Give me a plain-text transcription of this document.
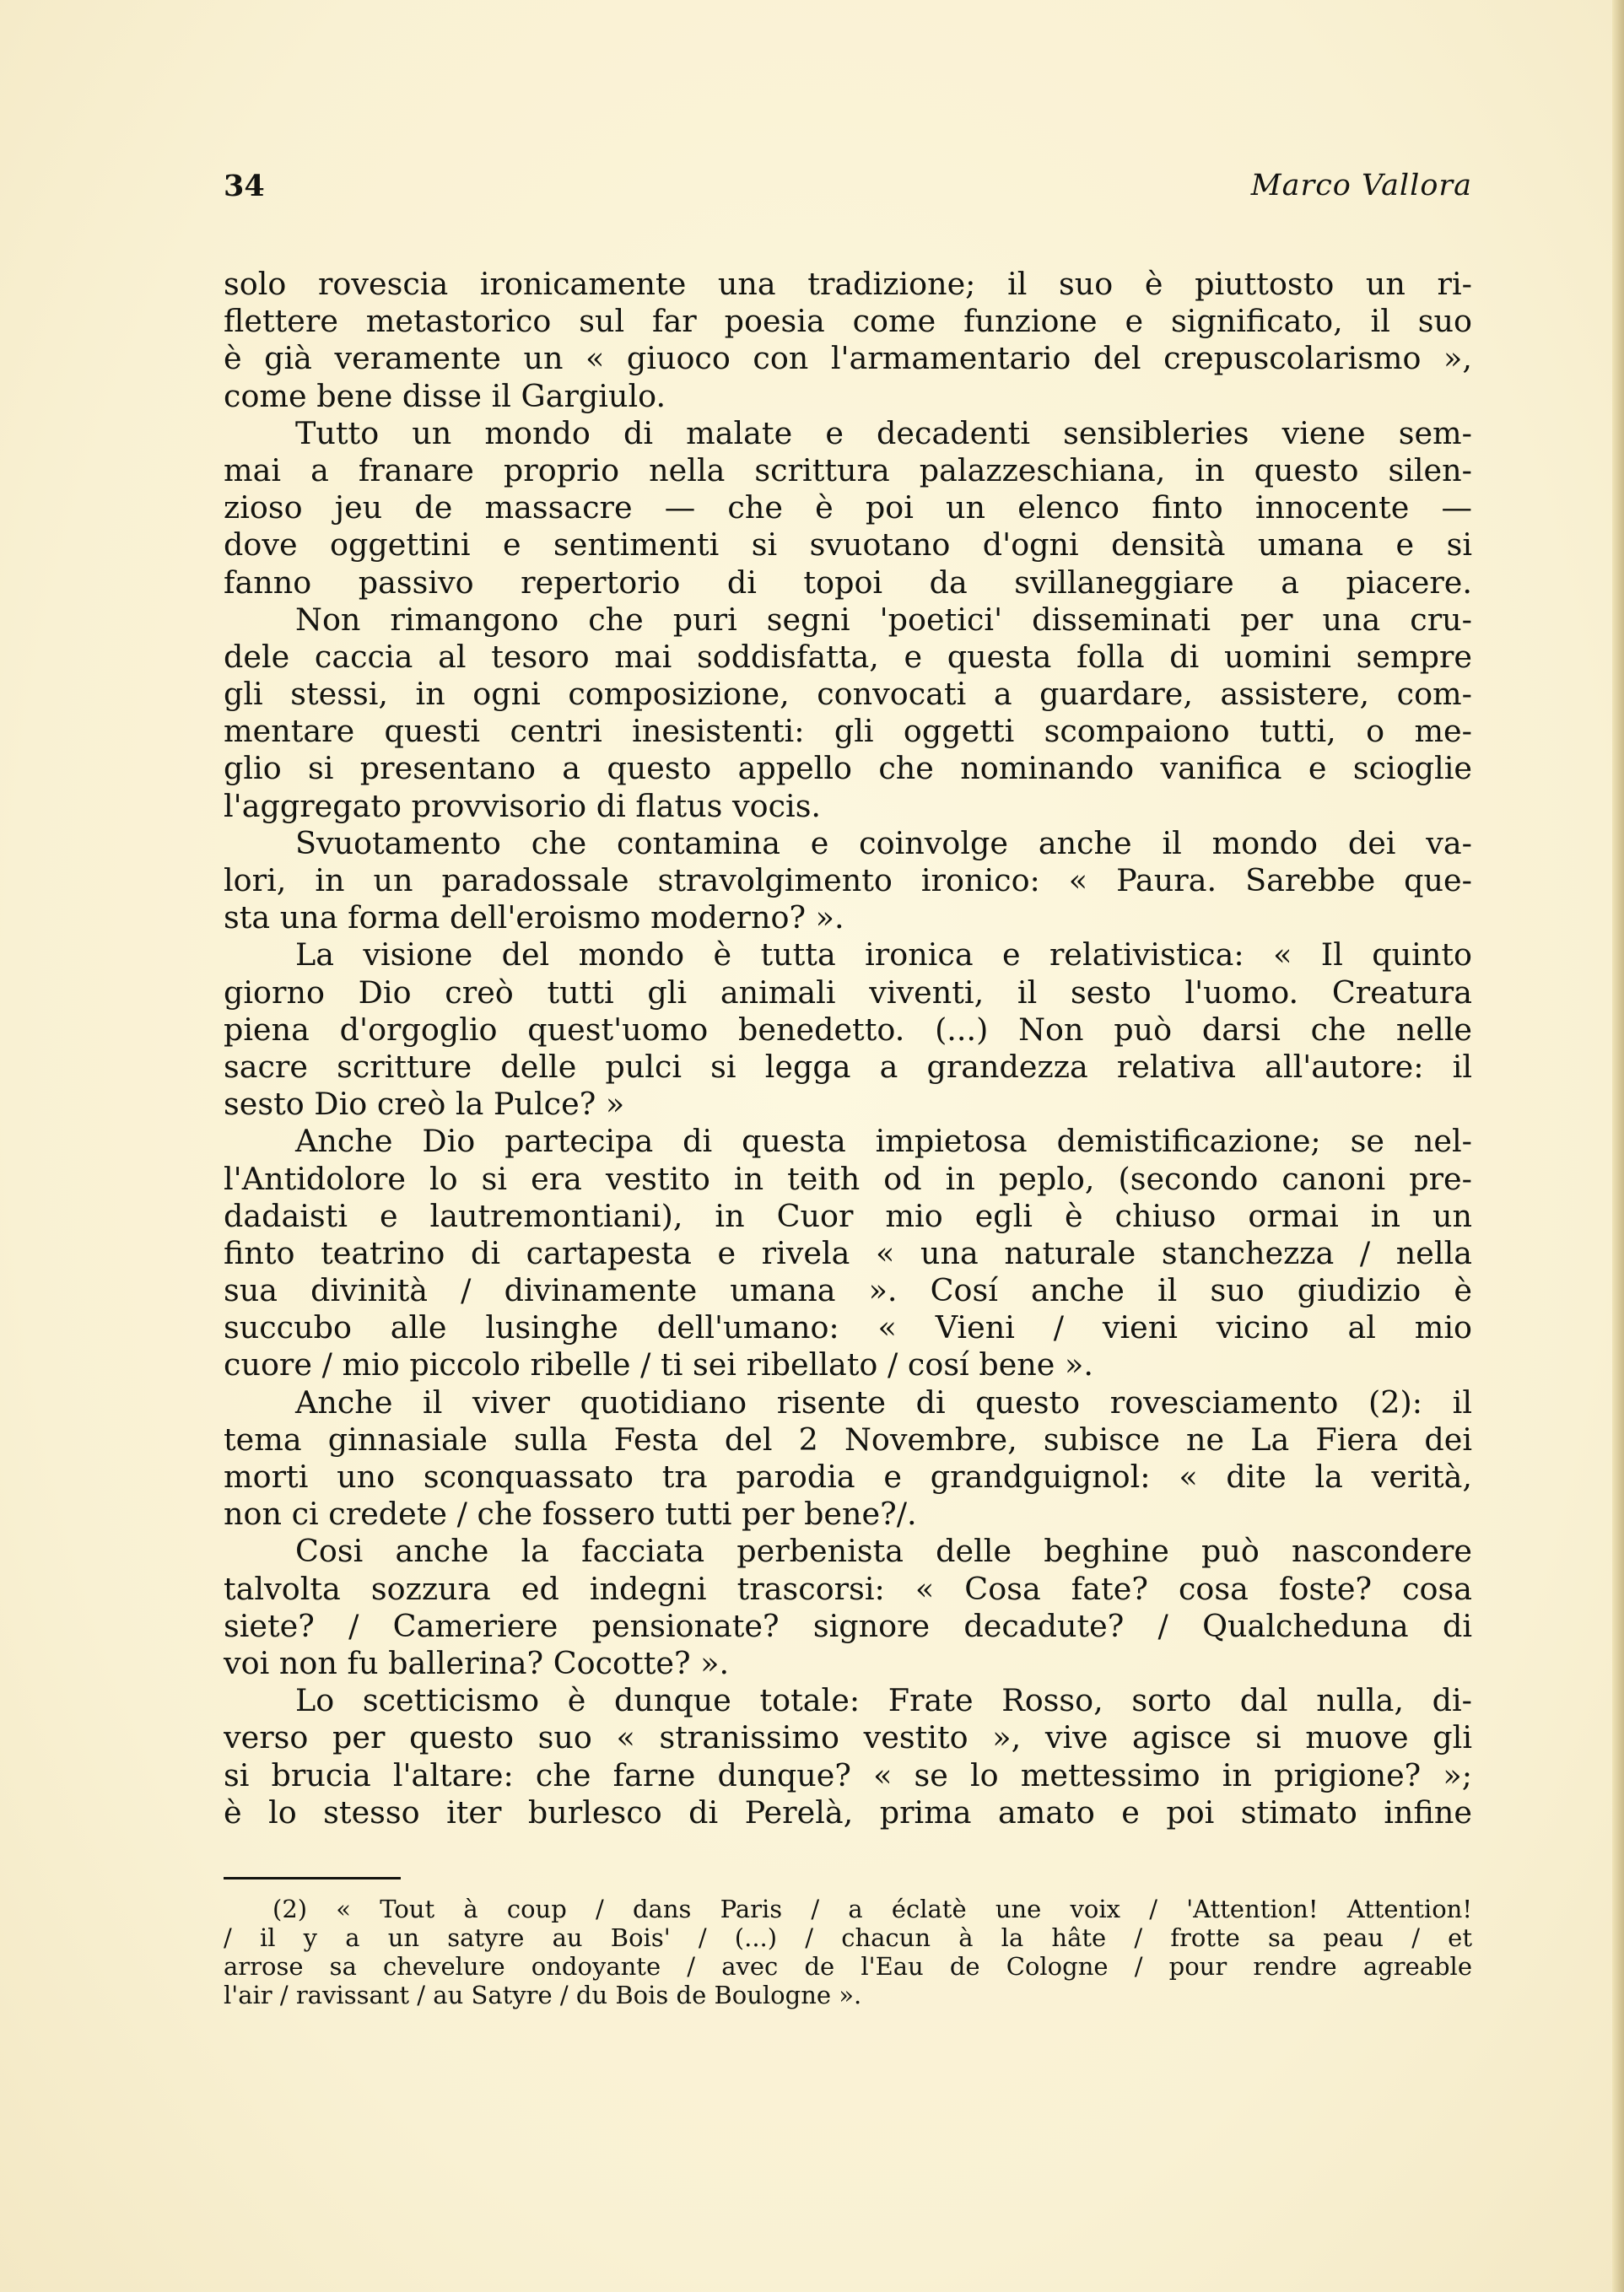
34	Marco Vallora
solo rovescia ironicamente una tradizione; il suo è piuttosto un ri-
flettere metastorico sul far poesia come funzione e significato, il suo
è già veramente un « giuoco con l'armamentario del crepuscolarismo »,
come bene disse il Gargiulo.
Tutto un mondo di malate e decadenti sensibleries viene sem-
mai a franare proprio nella scrittura palazzeschiana, in questo silen-
zioso jeu de massacre — che è poi un elenco finto innocente —
dove oggettini e sentimenti si svuotano d'ogni densità umana e si
fanno passivo repertorio di topoi da svillaneggiare a piacere.
Non rimangono che puri segni 'poetici' disseminati per una cru-
dele caccia al tesoro mai soddisfatta, e questa folla di uomini sempre
gli stessi, in ogni composizione, convocati a guardare, assistere, com-
mentare questi centri inesistenti: gli oggetti scompaiono tutti, o me-
glio si presentano a questo appello che nominando vanifica e scioglie
l'aggregato provvisorio di flatus vocis.
Svuotamento che contamina e coinvolge anche il mondo dei va-
lori, in un paradossale stravolgimento ironico: « Paura. Sarebbe que-
sta una forma dell'eroismo moderno? ».
La visione del mondo è tutta ironica e relativistica: « Il quinto
giorno Dio creò tutti gli animali viventi, il sesto l'uomo. Creatura
piena d'orgoglio quest'uomo benedetto. (...) Non può darsi che nelle
sacre scritture delle pulci si legga a grandezza relativa all'autore: il
sesto Dio creò la Pulce? »
Anche Dio partecipa di questa impietosa demistificazione; se nel-
l'Antidolore lo si era vestito in teith od in peplo, (secondo canoni pre-
dadaisti e lautremontiani), in Cuor mio egli è chiuso ormai in un
finto teatrino di cartapesta e rivela « una naturale stanchezza / nella
sua divinità / divinamente umana ». Cosí anche il suo giudizio è
succubo alle lusinghe dell'umano: « Vieni / vieni vicino al mio
cuore / mio piccolo ribelle / ti sei ribellato / cosí bene ».
Anche il viver quotidiano risente di questo rovesciamento (2): il
tema ginnasiale sulla Festa del 2 Novembre, subisce ne La Fiera dei
morti uno sconquassato tra parodia e grandguignol: « dite la verità,
non ci credete / che fossero tutti per bene?/.
Cosi anche la facciata perbenista delle beghine può nascondere
talvolta sozzura ed indegni trascorsi: « Cosa fate? cosa foste? cosa
siete? / Cameriere pensionate? signore decadute? / Qualcheduna di
voi non fu ballerina? Cocotte? ».
Lo scetticismo è dunque totale: Frate Rosso, sorto dal nulla, di-
verso per questo suo « stranissimo vestito », vive agisce si muove gli
si brucia l'altare: che farne dunque? « se lo mettessimo in prigione? »;
è lo stesso iter burlesco di Perelà, prima amato e poi stimato infine
(2) « Tout à coup / dans Paris / a éclatè une voix / 'Attention! Attention!
/ il y a un satyre au Bois' / (...) / chacun à la hâte / frotte sa peau / et
arrose sa chevelure ondoyante / avec de l'Eau de Cologne / pour rendre agreable
l'air / ravissant / au Satyre / du Bois de Boulogne ».
